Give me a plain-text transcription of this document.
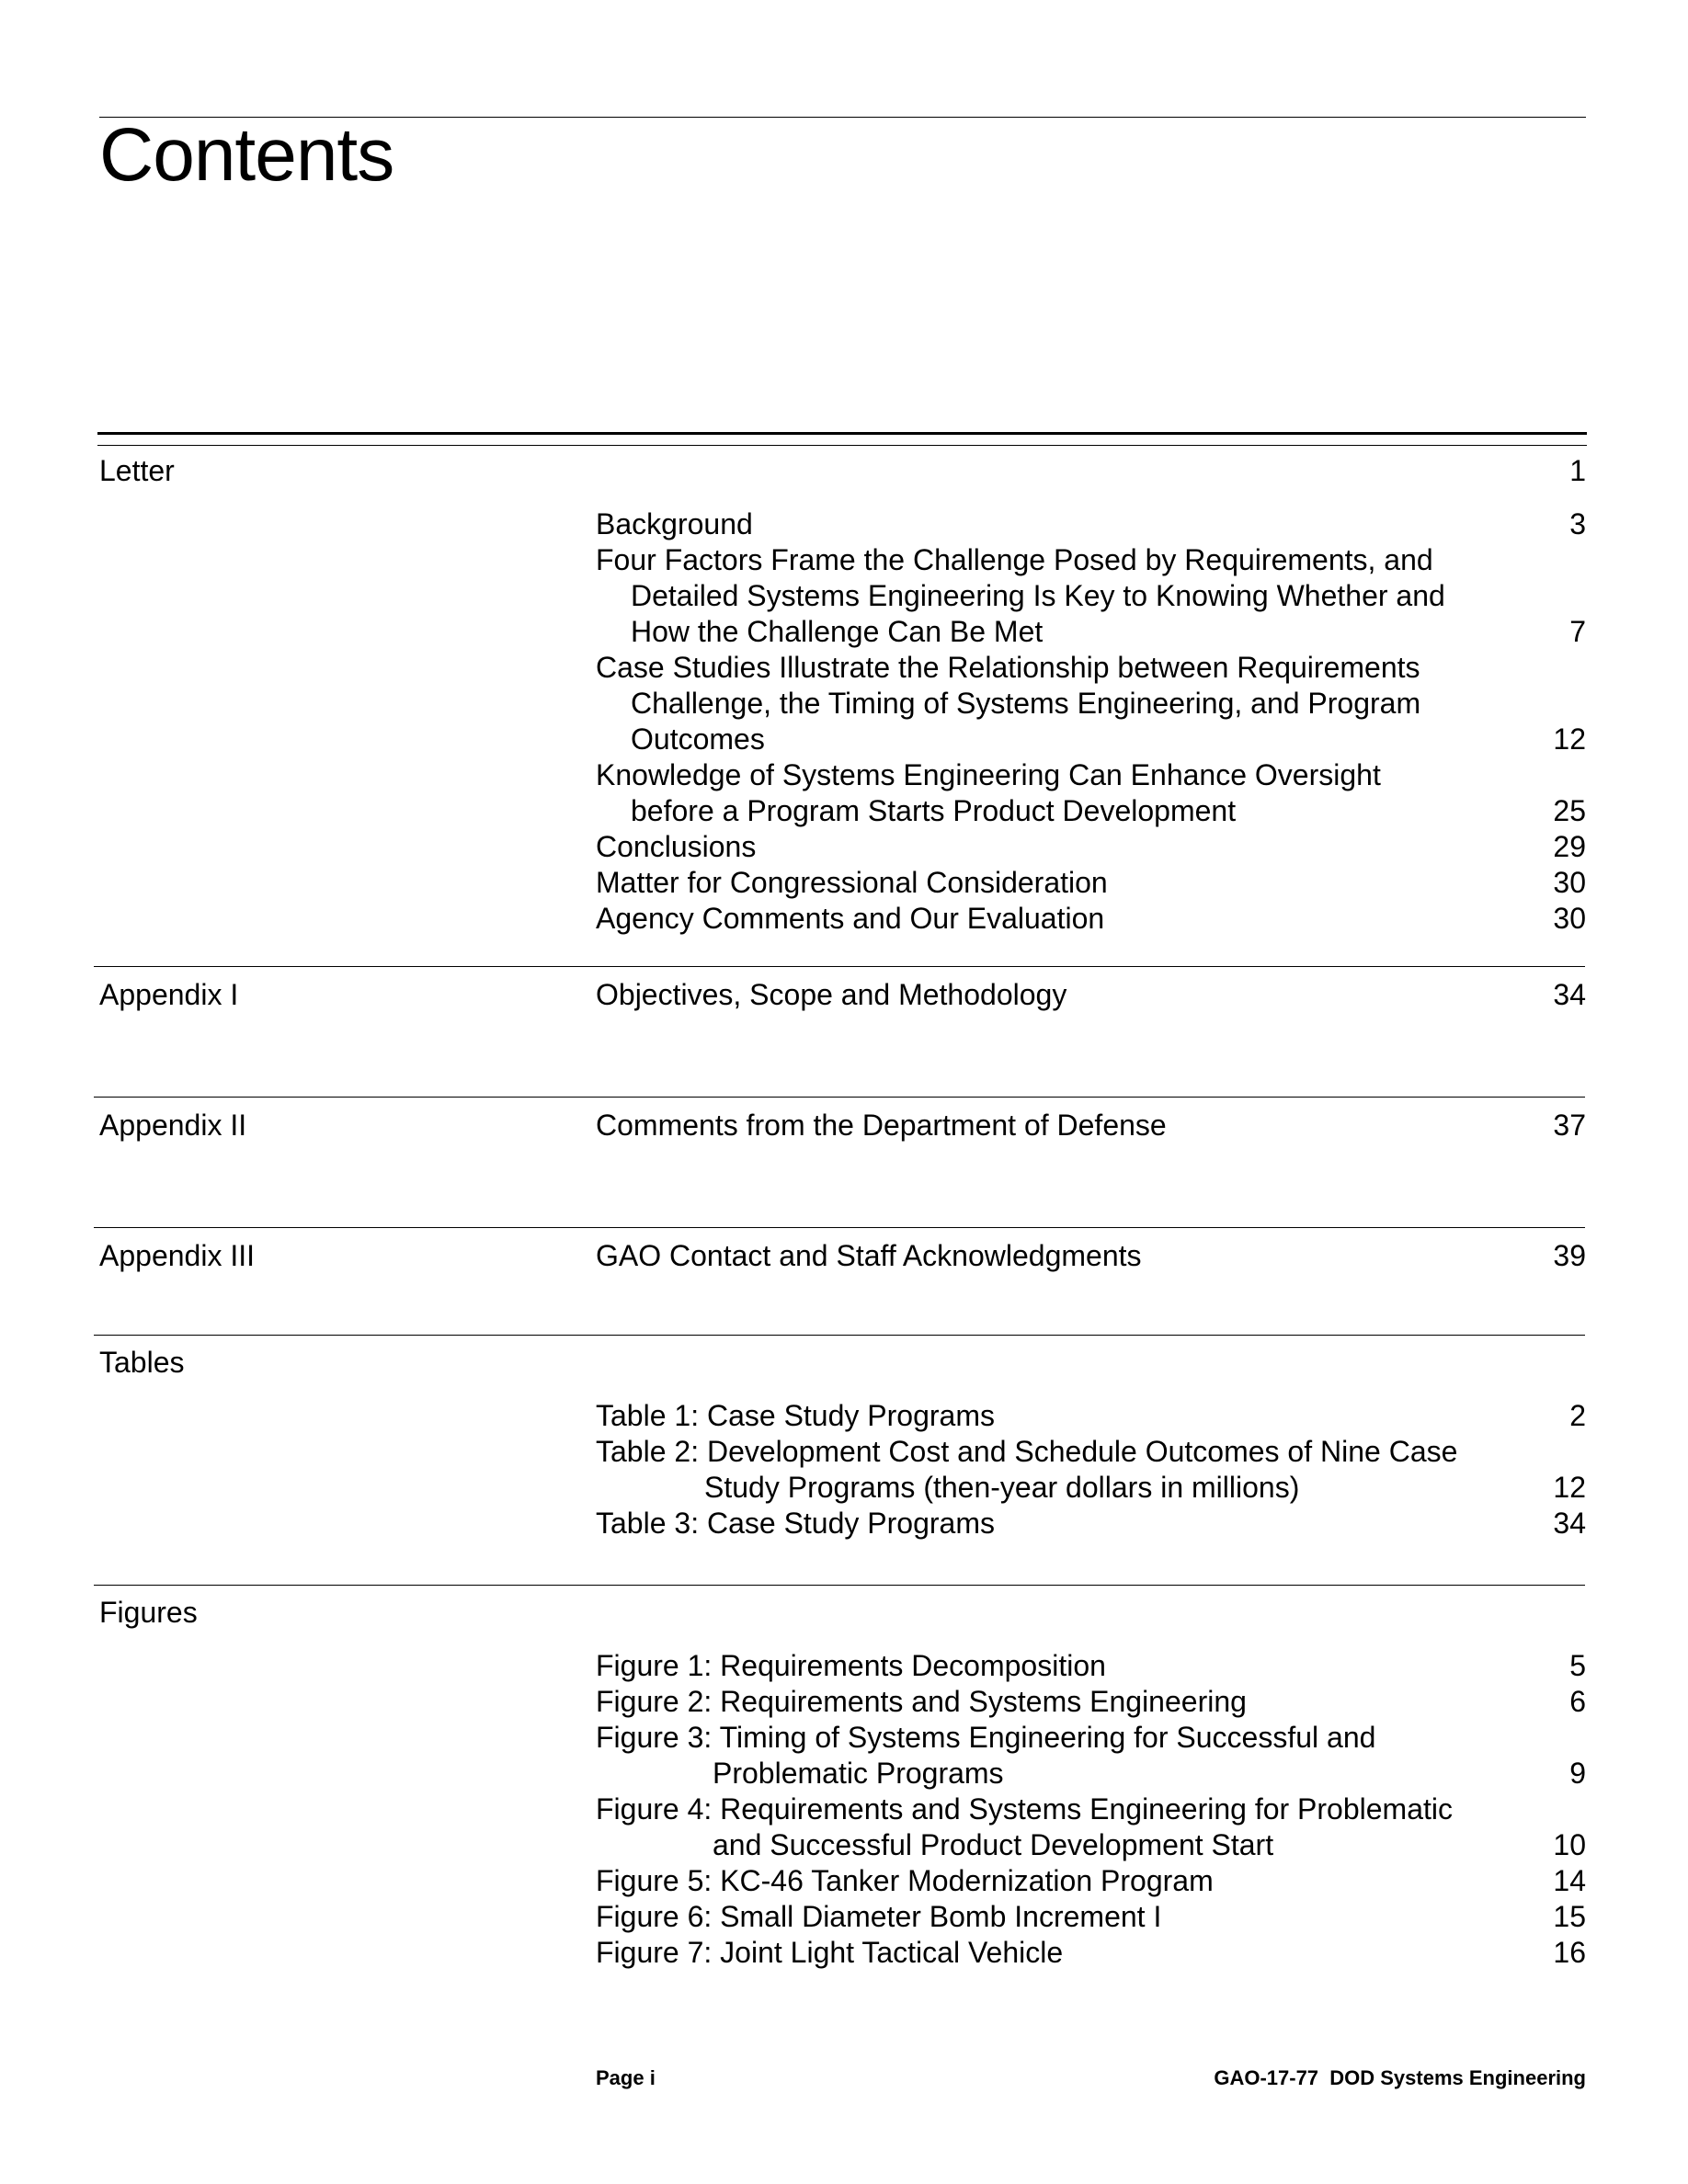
Contents
Letter	1
Background	3
Four Factors Frame the Challenge Posed by Requirements, and
Detailed Systems Engineering Is Key to Knowing Whether and
How the Challenge Can Be Met	7
Case Studies Illustrate the Relationship between Requirements
Challenge, the Timing of Systems Engineering, and Program
Outcomes	12
Knowledge of Systems Engineering Can Enhance Oversight
before a Program Starts Product Development	25
Conclusions	29
Matter for Congressional Consideration	30
Agency Comments and Our Evaluation	30
Appendix I	Objectives, Scope and Methodology	34
Appendix II	Comments from the Department of Defense	37
Appendix III	GAO Contact and Staff Acknowledgments	39
Tables
Table 1: Case Study Programs	2
Table 2: Development Cost and Schedule Outcomes of Nine Case
Study Programs (then-year dollars in millions)	12
Table 3: Case Study Programs	34
Figures
Figure 1: Requirements Decomposition	5
Figure 2: Requirements and Systems Engineering	6
Figure 3: Timing of Systems Engineering for Successful and
Problematic Programs	9
Figure 4: Requirements and Systems Engineering for Problematic
and Successful Product Development Start	10
Figure 5: KC-46 Tanker Modernization Program	14
Figure 6: Small Diameter Bomb Increment I	15
Figure 7: Joint Light Tactical Vehicle	16
Page i	GAO-17-77  DOD Systems Engineering
